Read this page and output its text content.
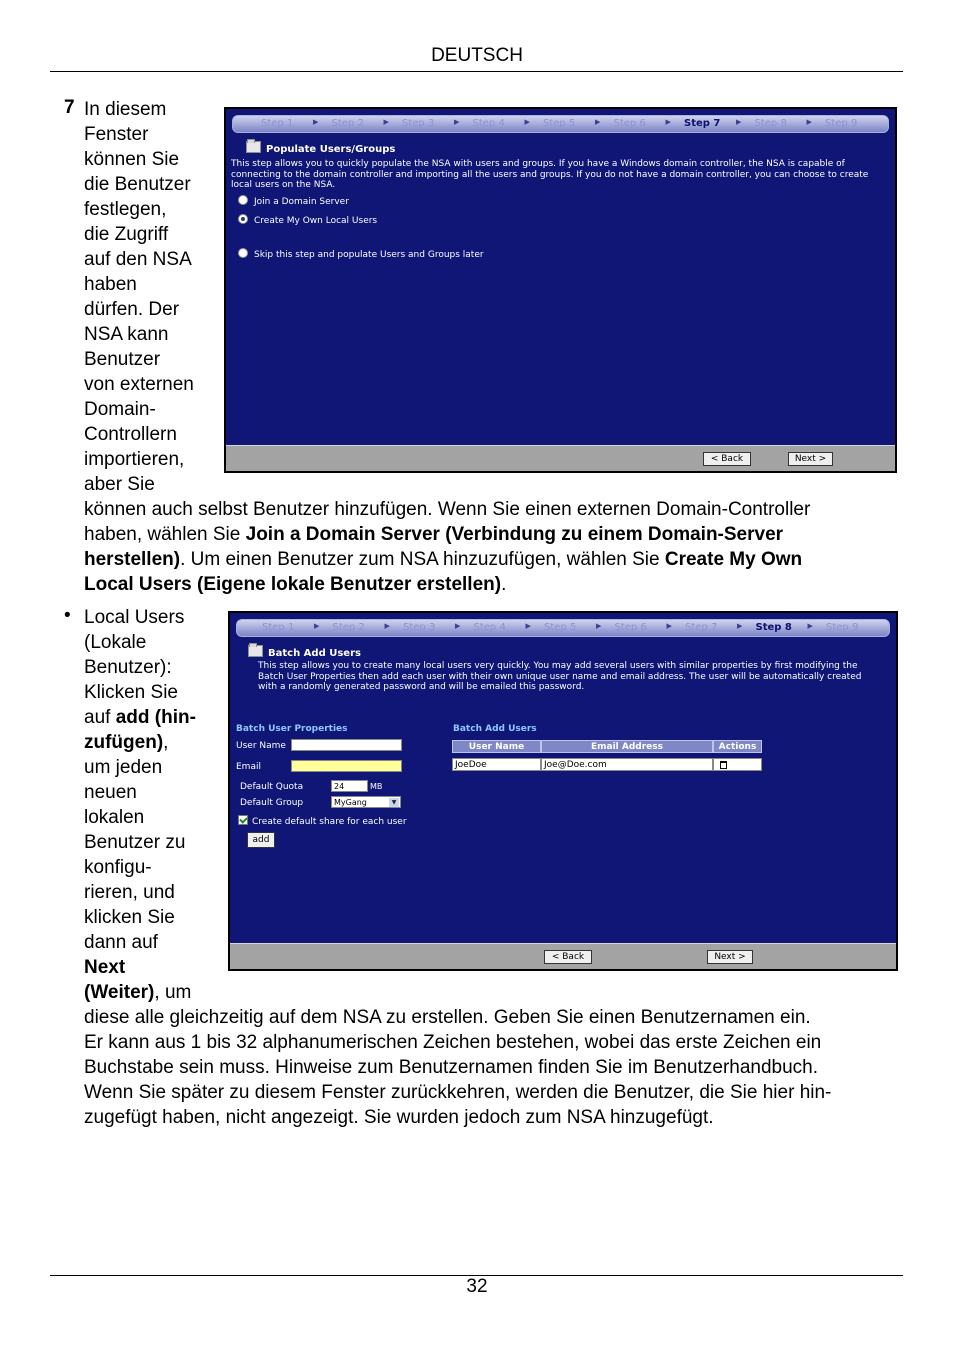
DEUTSCH
7 In diesem
Fenster
können Sie
die Benutzer
festlegen,
die Zugriff
auf den NSA
haben
dürfen. Der
NSA kann
Benutzer
von externen
Domain-
Controllern
importieren,
aber Sie
können auch selbst Benutzer hinzufügen. Wenn Sie einen externen Domain-Controller
haben, wählen Sie Join a Domain Server (Verbindung zu einem Domain-Server
herstellen). Um einen Benutzer zum NSA hinzuzufügen, wählen Sie Create My Own
Local Users (Eigene lokale Benutzer erstellen).
Step 1	▶ Step 2	▶ Step 3	▶ Step 4	▶ Step 5	▶ Step 6	▶ Step 7 ▶ Step 8	▶ Step 9
Populate Users/Groups
This step allows you to quickly populate the NSA with users and groups. If you have a Windows domain controller, the NSA is capable of
connecting to the domain controller and importing all the users and groups. If you do not have a domain controller, you can choose to create
local users on the NSA.
Join a Domain Server
Create My Own Local Users
Skip this step and populate Users and Groups later
< Back	Next >
• Local Users
(Lokale
Benutzer):
Klicken Sie
auf add (hin-
zufügen),
um jeden
neuen
lokalen
Benutzer zu
konfigu-
rieren, und
klicken Sie
dann auf
Next
(Weiter), um
diese alle gleichzeitig auf dem NSA zu erstellen. Geben Sie einen Benutzernamen ein.
Er kann aus 1 bis 32 alphanumerischen Zeichen bestehen, wobei das erste Zeichen ein
Buchstabe sein muss. Hinweise zum Benutzernamen finden Sie im Benutzerhandbuch.
Wenn Sie später zu diesem Fenster zurückkehren, werden die Benutzer, die Sie hier hin-
zugefügt haben, nicht angezeigt. Sie wurden jedoch zum NSA hinzugefügt.
Step 1	▶ Step 2	▶ Step 3	▶ Step 4	▶ Step 5	▶ Step 6	▶ Step 7	▶ Step 8 ▶ Step 9
Batch Add Users
This step allows you to create many local users very quickly. You may add several users with similar properties by first modifying the
Batch User Properties then add each user with their own unique user name and email address. The user will be automatically created
with a randomly generated password and will be emailed this password.
Batch User Properties
User Name
Email
Default Quota	24	MB
Default Group	MyGang	▼
Create default share for each user
add
Batch Add Users
User Name	Email Address	Actions
JoeDoe	Joe@Doe.com
< Back	Next >
32
